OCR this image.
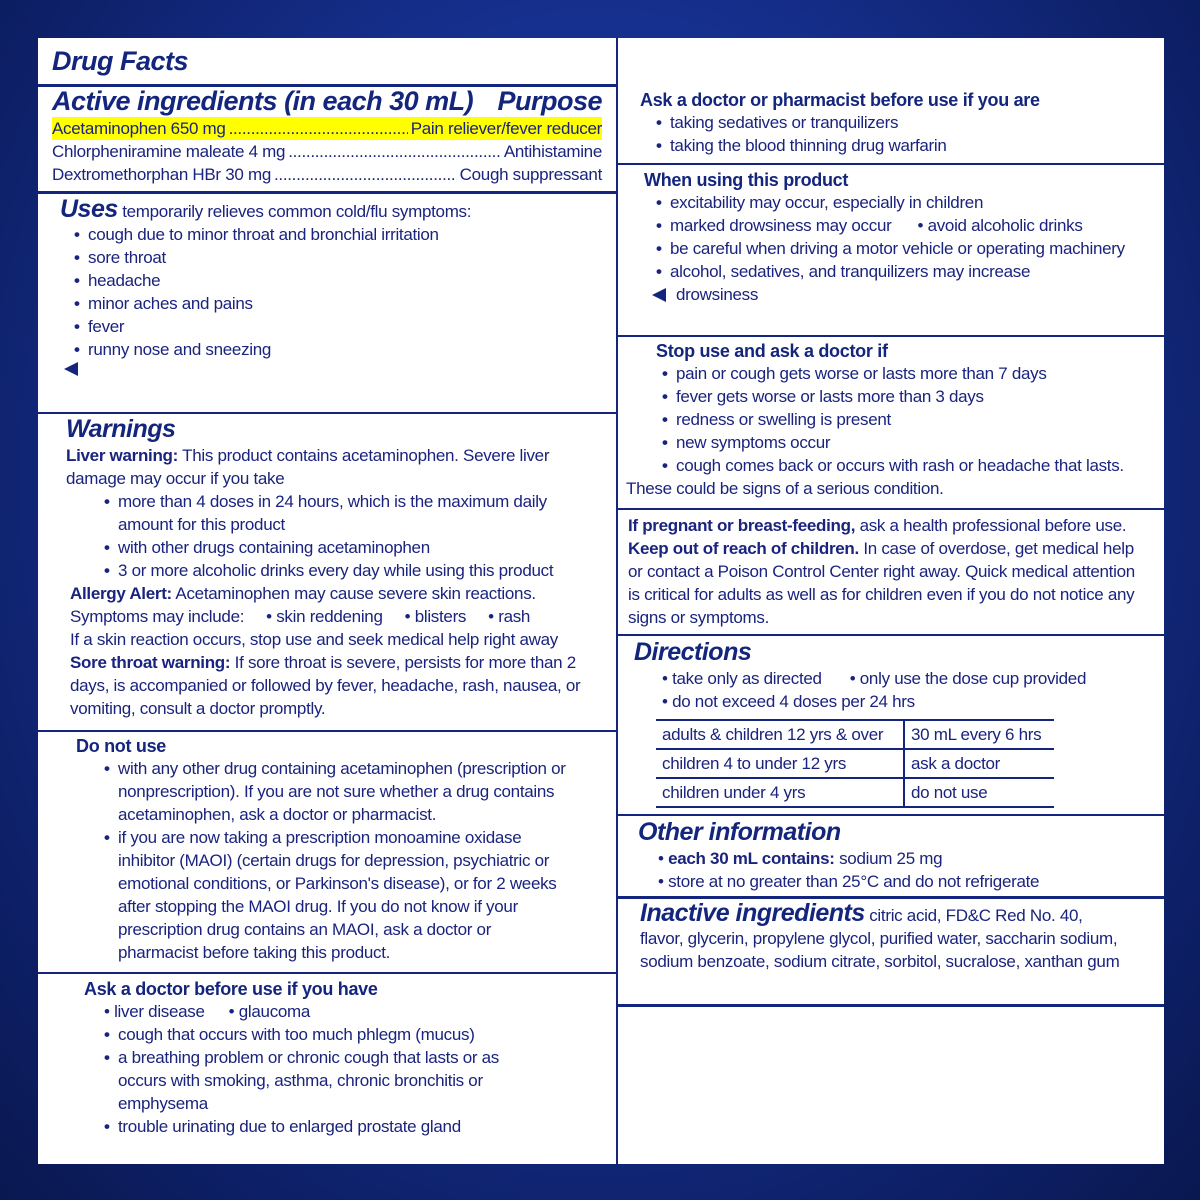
Drug Facts
Active ingredients (in each 30 mL) Purpose
Acetaminophen 650 mg .....	Pain reliever/fever reducer
Chlorpheniramine maleate 4 mg .....	Antihistamine
Dextromethorphan HBr 30 mg .....	Cough suppressant
Uses temporarily relieves common cold/flu symptoms:
• cough due to minor throat and bronchial irritation
• sore throat
• headache
• minor aches and pains
• fever
• runny nose and sneezing
Warnings
Liver warning: This product contains acetaminophen. Severe liver damage may occur if you take
• more than 4 doses in 24 hours, which is the maximum daily amount for this product
• with other drugs containing acetaminophen
• 3 or more alcoholic drinks every day while using this product
Allergy Alert: Acetaminophen may cause severe skin reactions.
Symptoms may include: • skin reddening • blisters • rash
If a skin reaction occurs, stop use and seek medical help right away
Sore throat warning: If sore throat is severe, persists for more than 2 days, is accompanied or followed by fever, headache, rash, nausea, or vomiting, consult a doctor promptly.
Do not use
• with any other drug containing acetaminophen (prescription or nonprescription). If you are not sure whether a drug contains acetaminophen, ask a doctor or pharmacist.
• if you are now taking a prescription monoamine oxidase inhibitor (MAOI) (certain drugs for depression, psychiatric or emotional conditions, or Parkinson's disease), or for 2 weeks after stopping the MAOI drug. If you do not know if your prescription drug contains an MAOI, ask a doctor or pharmacist before taking this product.
Ask a doctor before use if you have
• liver disease • glaucoma
• cough that occurs with too much phlegm (mucus)
• a breathing problem or chronic cough that lasts or as occurs with smoking, asthma, chronic bronchitis or emphysema
• trouble urinating due to enlarged prostate gland
Ask a doctor or pharmacist before use if you are
• taking sedatives or tranquilizers
• taking the blood thinning drug warfarin
When using this product
• excitability may occur, especially in children
• marked drowsiness may occur • avoid alcoholic drinks
• be careful when driving a motor vehicle or operating machinery
• alcohol, sedatives, and tranquilizers may increase
drowsiness
Stop use and ask a doctor if
• pain or cough gets worse or lasts more than 7 days
• fever gets worse or lasts more than 3 days
• redness or swelling is present
• new symptoms occur
• cough comes back or occurs with rash or headache that lasts.
These could be signs of a serious condition.
If pregnant or breast-feeding, ask a health professional before use. Keep out of reach of children. In case of overdose, get medical help or contact a Poison Control Center right away. Quick medical attention is critical for adults as well as for children even if you do not notice any signs or symptoms.
Directions
• take only as directed • only use the dose cup provided
• do not exceed 4 doses per 24 hrs
adults & children 12 yrs & over	30 mL every 6 hrs
children 4 to under 12 yrs	ask a doctor
children under 4 yrs	do not use
Other information
• each 30 mL contains: sodium 25 mg
• store at no greater than 25°C and do not refrigerate
Inactive ingredients citric acid, FD&C Red No. 40, flavor, glycerin, propylene glycol, purified water, saccharin sodium, sodium benzoate, sodium citrate, sorbitol, sucralose, xanthan gum
